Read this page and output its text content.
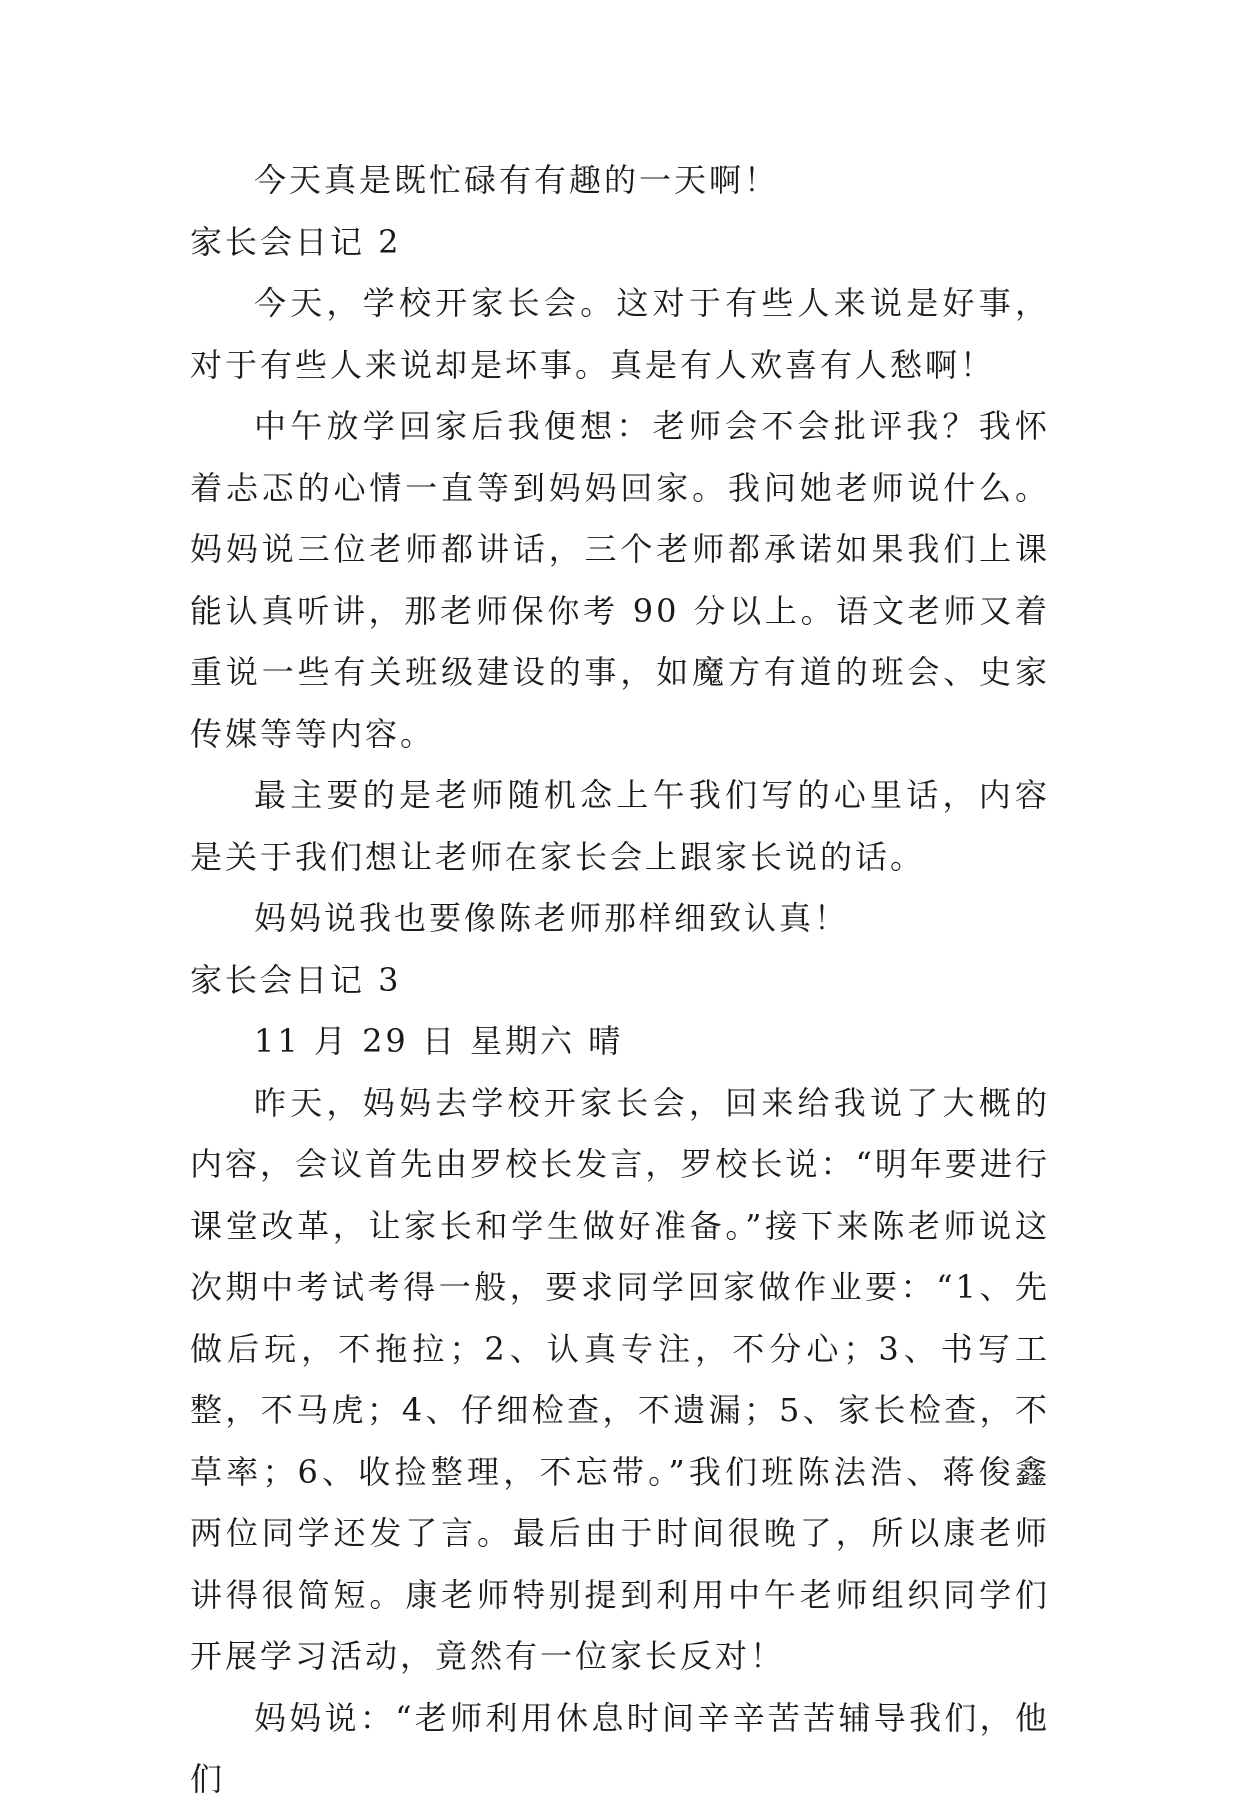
今天真是既忙碌有有趣的一天啊！

家长会日记 2

今天，学校开家长会。这对于有些人来说是好事，对于有些人来说却是坏事。真是有人欢喜有人愁啊！

中午放学回家后我便想：老师会不会批评我？我怀着忐忑的心情一直等到妈妈回家。我问她老师说什么。妈妈说三位老师都讲话，三个老师都承诺如果我们上课能认真听讲，那老师保你考 90 分以上。语文老师又着重说一些有关班级建设的事，如魔方有道的班会、史家传媒等等内容。

最主要的是老师随机念上午我们写的心里话，内容是关于我们想让老师在家长会上跟家长说的话。

妈妈说我也要像陈老师那样细致认真！

家长会日记 3

11 月 29 日 星期六 晴

昨天，妈妈去学校开家长会，回来给我说了大概的内容，会议首先由罗校长发言，罗校长说：“明年要进行课堂改革，让家长和学生做好准备。”接下来陈老师说这次期中考试考得一般，要求同学回家做作业要：“1、先做后玩，不拖拉；2、认真专注，不分心；3、书写工整，不马虎；4、仔细检查，不遗漏；5、家长检查，不草率；6、收捡整理，不忘带。”我们班陈法浩、蒋俊鑫两位同学还发了言。最后由于时间很晚了，所以康老师讲得很简短。康老师特别提到利用中午老师组织同学们开展学习活动，竟然有一位家长反对！

妈妈说：“老师利用休息时间辛辛苦苦辅导我们，他们
